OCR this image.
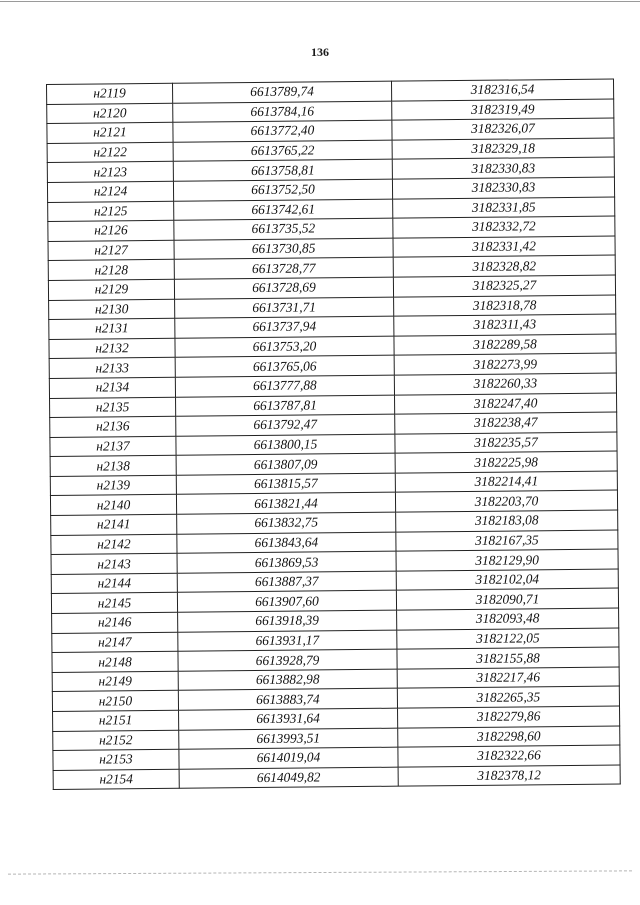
136
н2119	6613789,74	3182316,54
н2120	6613784,16	3182319,49
н2121	6613772,40	3182326,07
н2122	6613765,22	3182329,18
н2123	6613758,81	3182330,83
н2124	6613752,50	3182330,83
н2125	6613742,61	3182331,85
н2126	6613735,52	3182332,72
н2127	6613730,85	3182331,42
н2128	6613728,77	3182328,82
н2129	6613728,69	3182325,27
н2130	6613731,71	3182318,78
н2131	6613737,94	3182311,43
н2132	6613753,20	3182289,58
н2133	6613765,06	3182273,99
н2134	6613777,88	3182260,33
н2135	6613787,81	3182247,40
н2136	6613792,47	3182238,47
н2137	6613800,15	3182235,57
н2138	6613807,09	3182225,98
н2139	6613815,57	3182214,41
н2140	6613821,44	3182203,70
н2141	6613832,75	3182183,08
н2142	6613843,64	3182167,35
н2143	6613869,53	3182129,90
н2144	6613887,37	3182102,04
н2145	6613907,60	3182090,71
н2146	6613918,39	3182093,48
н2147	6613931,17	3182122,05
н2148	6613928,79	3182155,88
н2149	6613882,98	3182217,46
н2150	6613883,74	3182265,35
н2151	6613931,64	3182279,86
н2152	6613993,51	3182298,60
н2153	6614019,04	3182322,66
н2154	6614049,82	3182378,12
